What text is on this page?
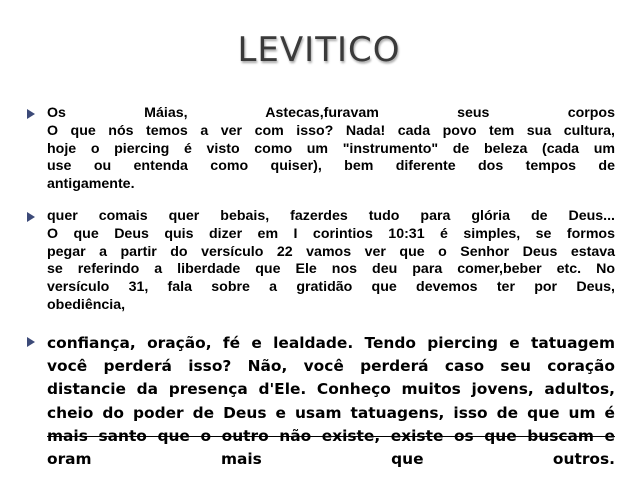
LEVITICO
Os Máias, Astecas,furavam seus corpos
O que nós temos a ver com isso? Nada! cada povo tem sua cultura,
hoje o piercing é visto como um "instrumento" de beleza (cada um
use ou entenda como quiser), bem diferente dos tempos de
antigamente.
quer comais quer bebais, fazerdes tudo para glória de Deus...
O que Deus quis dizer em I corintios 10:31 é simples, se formos
pegar a partir do versículo 22 vamos ver que o Senhor Deus estava
se referindo a liberdade que Ele nos deu para comer,beber etc. No
versículo 31, fala sobre a gratidão que devemos ter por Deus,
obediência,
confiança, oração, fé e lealdade. Tendo piercing e tatuagem
você perderá isso? Não, você perderá caso seu coração
distancie da presença d'Ele. Conheço muitos jovens, adultos,
cheio do poder de Deus e usam tatuagens, isso de que um é
mais santo que o outro não existe, existe os que buscam e
oram mais que outros.
